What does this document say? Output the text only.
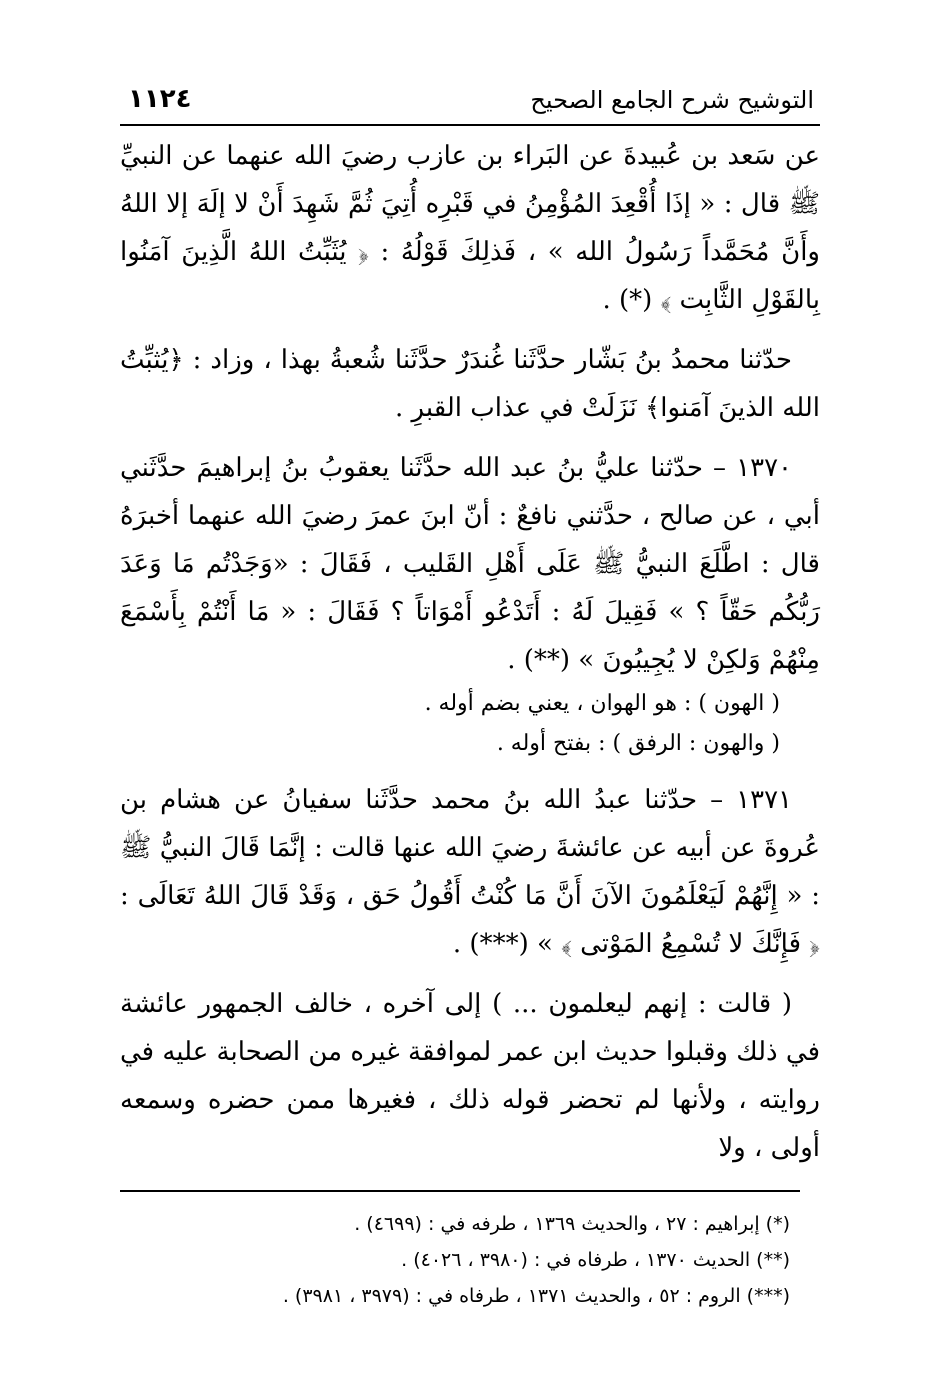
التوشيح شرح الجامع الصحيح
١١٢٤

عن سَعد بن عُبيدةَ عن البَراء بن عازب رضيَ الله عنهما عن النبيِّ ﷺ قال : « إذَا أُقْعِدَ المُؤْمِنُ في قَبْرِه أُتِيَ ثُمَّ شَهِدَ أَنْ لا إلَهَ إلا اللهُ وأَنَّ مُحَمَّداً رَسُولُ الله » ، فَذلِكَ قَوْلُهُ : ﴿ يُثَبِّتُ اللهُ الَّذِينَ آمَنُوا بِالقَوْلِ الثَّابِت ﴾ (*) .

حدّثنا محمدُ بنُ بَشّار حدَّثَنا غُندَرٌ حدَّثَنا شُعبةُ بهذا ، وزاد : ﴿يُثبِّتُ الله الذينَ آمَنوا﴾ نَزَلَتْ في عذاب القبرِ .

١٣٧٠ – حدّثنا عليُّ بنُ عبد الله حدَّثَنا يعقوبُ بنُ إبراهيمَ حدَّثَني أبي ، عن صالح ، حدَّثني نافعٌ : أنّ ابنَ عمرَ رضيَ الله عنهما أخبرَهُ قال : اطَّلَعَ النبيُّ ﷺ عَلَى أَهْلِ القَليب ، فَقَالَ : «وَجَدْتُم مَا وَعَدَ رَبُّكُم حَقّاً ؟ » فَقِيلَ لَهُ : أَتَدْعُو أَمْوَاتاً ؟ فَقَالَ : « مَا أَنْتُمْ بِأَسْمَعَ مِنْهُمْ وَلكِنْ لا يُجِيبُونَ » (**) .

( الهون ) : هو الهوان ، يعني بضم أوله .

( والهون : الرفق ) : بفتح أوله .

١٣٧١ – حدّثنا عبدُ الله بنُ محمد حدَّثَنا سفيانُ عن هشام بن عُروةَ عن أبيه عن عائشةَ رضيَ الله عنها قالت : إنَّمَا قَالَ النبيُّ ﷺ : « إِنَّهُمْ لَيَعْلَمُونَ الآنَ أَنَّ مَا كُنْتُ أَقُولُ حَق ، وَقَدْ قَالَ اللهُ تَعَالَى : ﴿ فَإِنَّكَ لا تُسْمِعُ المَوْتى ﴾ » (***) .

( قالت : إنهم ليعلمون ... ) إلى آخره ، خالف الجمهور عائشة في ذلك وقبلوا حديث ابن عمر لموافقة غيره من الصحابة عليه في روايته ، ولأنها لم تحضر قوله ذلك ، فغيرها ممن حضره وسمعه أولى ، ولا

(*) إبراهيم : ٢٧ ، والحديث ١٣٦٩ ، طرفه في : (٤٦٩٩) .
(**) الحديث ١٣٧٠ ، طرفاه في : (٣٩٨٠ ، ٤٠٢٦) .
(***) الروم : ٥٢ ، والحديث ١٣٧١ ، طرفاه في : (٣٩٧٩ ، ٣٩٨١) .
